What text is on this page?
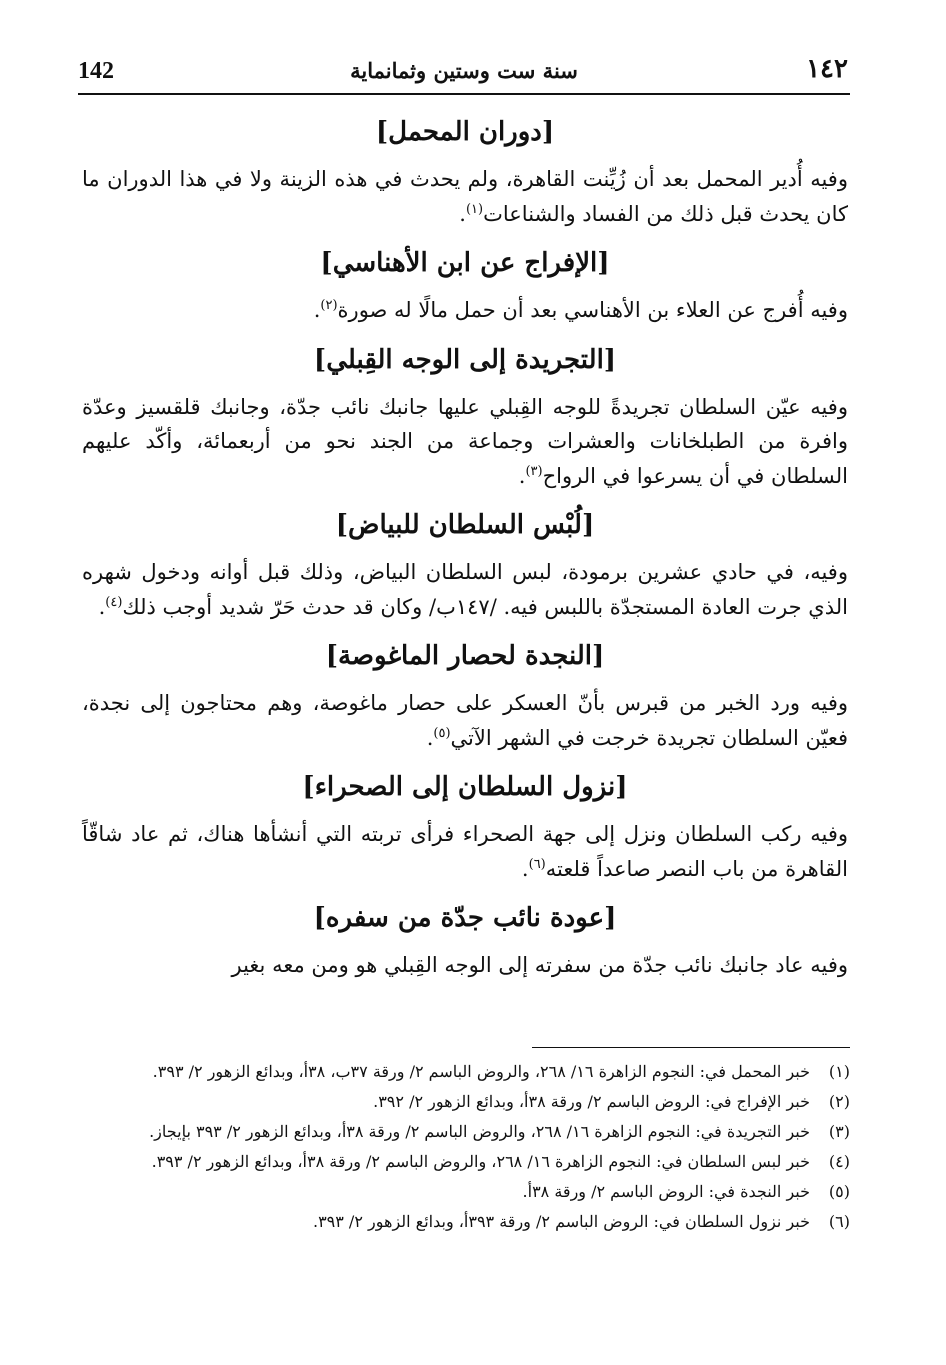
142	سنة ست وستين وثمانماية	١٤٢
[دوران المحمل]

وفيه أُدير المحمل بعد أن زُيِّنت القاهرة، ولم يحدث في هذه الزينة ولا في هذا الدوران ما كان يحدث قبل ذلك من الفساد والشناعات$^{(١)}$.

[الإفراج عن ابن الأهناسي]

وفيه أُفرج عن العلاء بن الأهناسي بعد أن حمل مالًا له صورة$^{(٢)}$.

[التجريدة إلى الوجه القِبلي]

وفيه عيّن السلطان تجريدةً للوجه القِبلي عليها جانبك نائب جدّة، وجانبك قلقسيز وعدّة وافرة من الطبلخانات والعشرات وجماعة من الجند نحو من أربعمائة، وأكّد عليهم السلطان في أن يسرعوا في الرواح$^{(٣)}$.

[لُبْس السلطان للبياض]

وفيه، في حادي عشرين برمودة، لبس السلطان البياض، وذلك قبل أوانه ودخول شهره الذي جرت العادة المستجدّة باللبس فيه. /١٤٧ب/ وكان قد حدث حَرّ شديد أوجب ذلك$^{(٤)}$.

[النجدة لحصار الماغوصة]

وفيه ورد الخبر من قبرس بأنّ العسكر على حصار ماغوصة، وهم محتاجون إلى نجدة، فعيّن السلطان تجريدة خرجت في الشهر الآتي$^{(٥)}$.

[نزول السلطان إلى الصحراء]

وفيه ركب السلطان ونزل إلى جهة الصحراء فرأى تربته التي أنشأها هناك، ثم عاد شاقّاً القاهرة من باب النصر صاعداً قلعته$^{(٦)}$.

[عودة نائب جدّة من سفره]

وفيه عاد جانبك نائب جدّة من سفرته إلى الوجه القِبلي هو ومن معه بغير

(١)
خبر المحمل في: النجوم الزاهرة ١٦/ ٢٦٨، والروض الباسم ٢/ ورقة ٣٧ب، ٣٨أ، وبدائع الزهور ٢/ ٣٩٣.
(٢)
خبر الإفراج في: الروض الباسم ٢/ ورقة ٣٨أ، وبدائع الزهور ٢/ ٣٩٢.
(٣)
خبر التجريدة في: النجوم الزاهرة ١٦/ ٢٦٨، والروض الباسم ٢/ ورقة ٣٨أ، وبدائع الزهور ٢/ ٣٩٣ بإيجاز.
(٤)
خبر لبس السلطان في: النجوم الزاهرة ١٦/ ٢٦٨، والروض الباسم ٢/ ورقة ٣٨أ، وبدائع الزهور ٢/ ٣٩٣.
(٥)
خبر النجدة في: الروض الباسم ٢/ ورقة ٣٨أ.
(٦)
خبر نزول السلطان في: الروض الباسم ٢/ ورقة ٣٩٣أ، وبدائع الزهور ٢/ ٣٩٣.
